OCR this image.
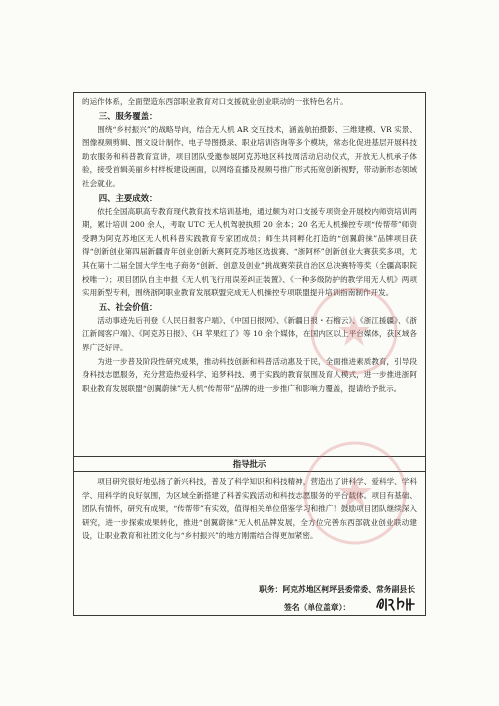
的运作体系，全面塑造东西部职业教育对口支援就业创业联动的一张特色名片。

三、服务覆盖：

围绕“乡村振兴”的战略导向，结合无人机 AR 交互技术，涵盖航拍摄影、三维建模、VR 实景、图像视频剪辑、图文设计制作、电子导图摄录、职业培训咨询等多个模块，常态化促进基层开展科技助农服务和科普教育宣讲，项目团队受邀参展阿克苏地区科技周活动启动仪式，开放无人机承子体验，接受首辑美丽乡村样板建设画面，以网络直播及视频号推广形式拓宽创新视野，带动新形态领域社会就业。

四、主要成效：

依托全国高职高专教育现代教育技术培训基地，通过颇为对口支援专项资金开展校内师资培训两期，累计培训 200 余人，考取 UTC 无人机驾驶执照 20 余本；20 名无人机操控专项“传帮带”师资受聘为阿克苏地区无人机科普实践教育专家团成员；师生共同孵化打造的“创翼蔚徕”品牌项目获得“创新创业第四届新疆青年创业创新大赛阿克苏地区选拔赛、“浙阿杯”创新创业大赛获奖多项，尤其在第十二届全国大学生电子商务“创新、创意及创业”挑战赛荣获自治区总决赛特等奖（全疆高职院校唯一）；项目团队自主申报《无人机飞行用误差纠正装置》、《一种多级防护的教学用无人机》两项实用新型专利，围绕浙阿职业教育发展联盟完成无人机操控专项联盟提升培训指南制作开发。

五、社会价值：

活动事迹先后刊登《人民日报客户端》、《中国日报网》、《新疆日报・石榴云》、《浙江援疆》、《浙江新闻客户端》、《阿克苏日报》、《H 苹果红了》等 10 余个媒体，在国内区以上平台媒体，获区域各界广泛好评。

为进一步普及阶段性研究成果，推动科技创新和科普活动惠及于民，全面推进素质教育，引导段身科技志愿服务，充分营造热爱科学、追梦科技、勇于实践的教育氛围及育人模式，进一步推进浙阿职业教育发展联盟“创翼蔚徕”无人机“传帮带”品牌的进一步推广和影响力覆盖，提请给予批示。

指导批示

项目研究很好地弘扬了新兴科技，普及了科学知识和科技精神，营造出了讲科学、爱科学、学科学、用科学的良好氛围，为区域全新搭建了科普实践活动和科技志愿服务的平台载体。项目有基础、团队有情怀，研究有成果，“传帮带”有实效，值得相关单位借鉴学习和推广！鼓励项目团队继续深入研究，进一步探索成果转化，推进“创翼蔚徕”无人机品牌发展，全方位完善东西部就业创业联动建设，让职业教育和社团文化与“乡村振兴”的地方刚需结合得更加紧密。

职务：阿克苏地区柯坪县委常委、常务副县长
签名（单位盖章）：
